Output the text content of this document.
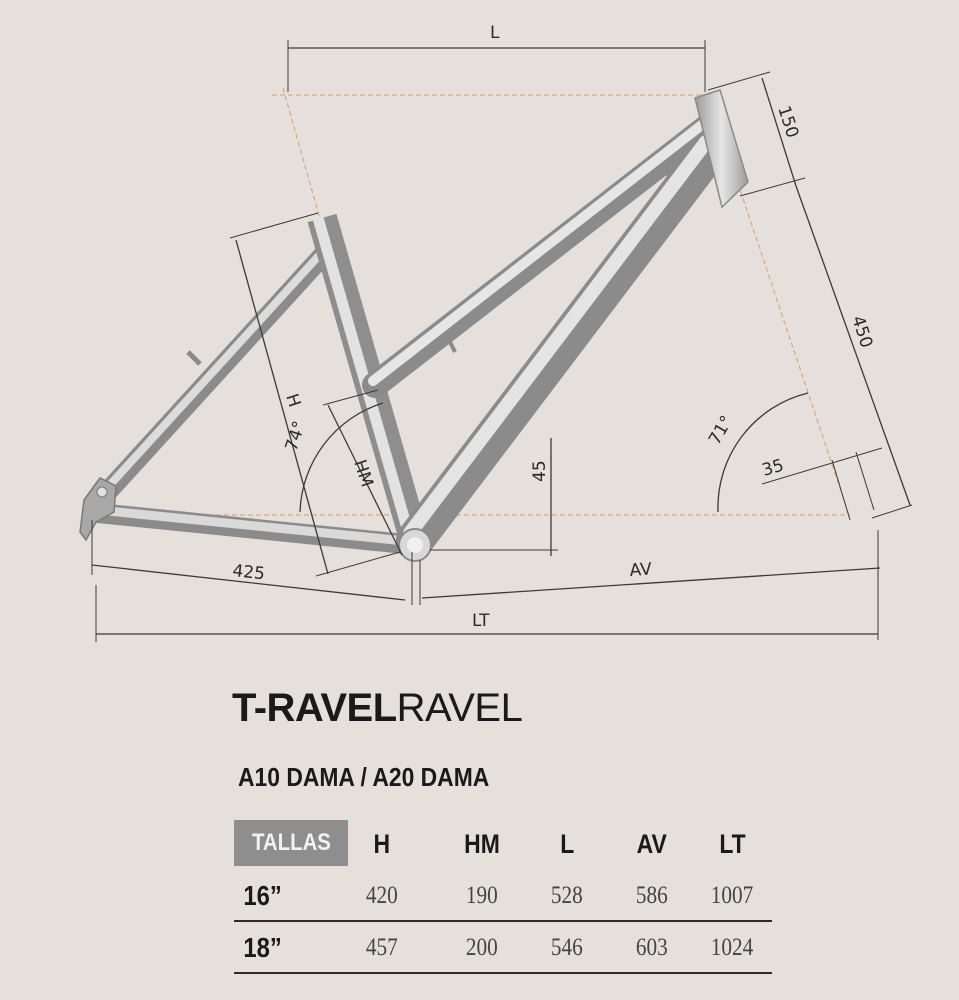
L
150
450
H
74°
HM	45
71°
35
425	AV
LT
T-RAVELRAVEL
A10 DAMA / A20 DAMA
TALLAS H	HM L AV LT
16”	420	190 528 586 1007
18”	457	200 546 603 1024
